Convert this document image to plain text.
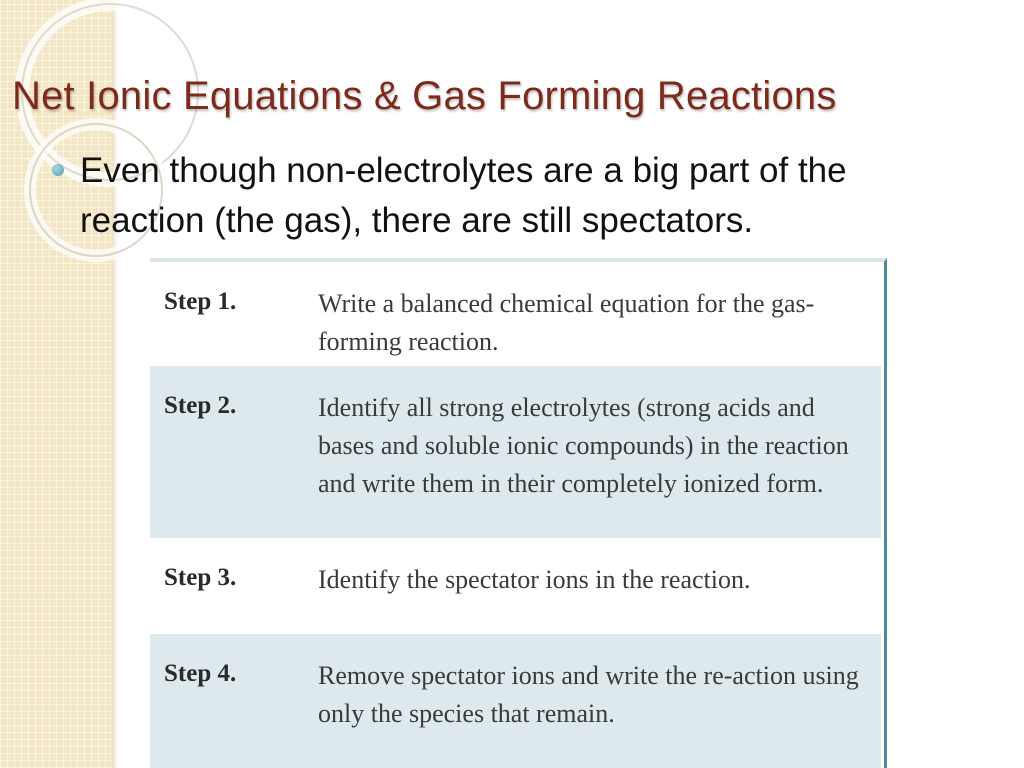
Net Ionic Equations & Gas Forming Reactions
Even though non-electrolytes are a big part of the reaction (the gas), there are still spectators.
Step 1.	Write a balanced chemical equation for the gas-forming reaction.
Step 2.	Identify all strong electrolytes (strong acids and bases and soluble ionic compounds) in the reaction and write them in their completely ionized form.
Step 3.	Identify the spectator ions in the reaction.
Step 4.	Remove spectator ions and write the re-action using only the species that remain.
